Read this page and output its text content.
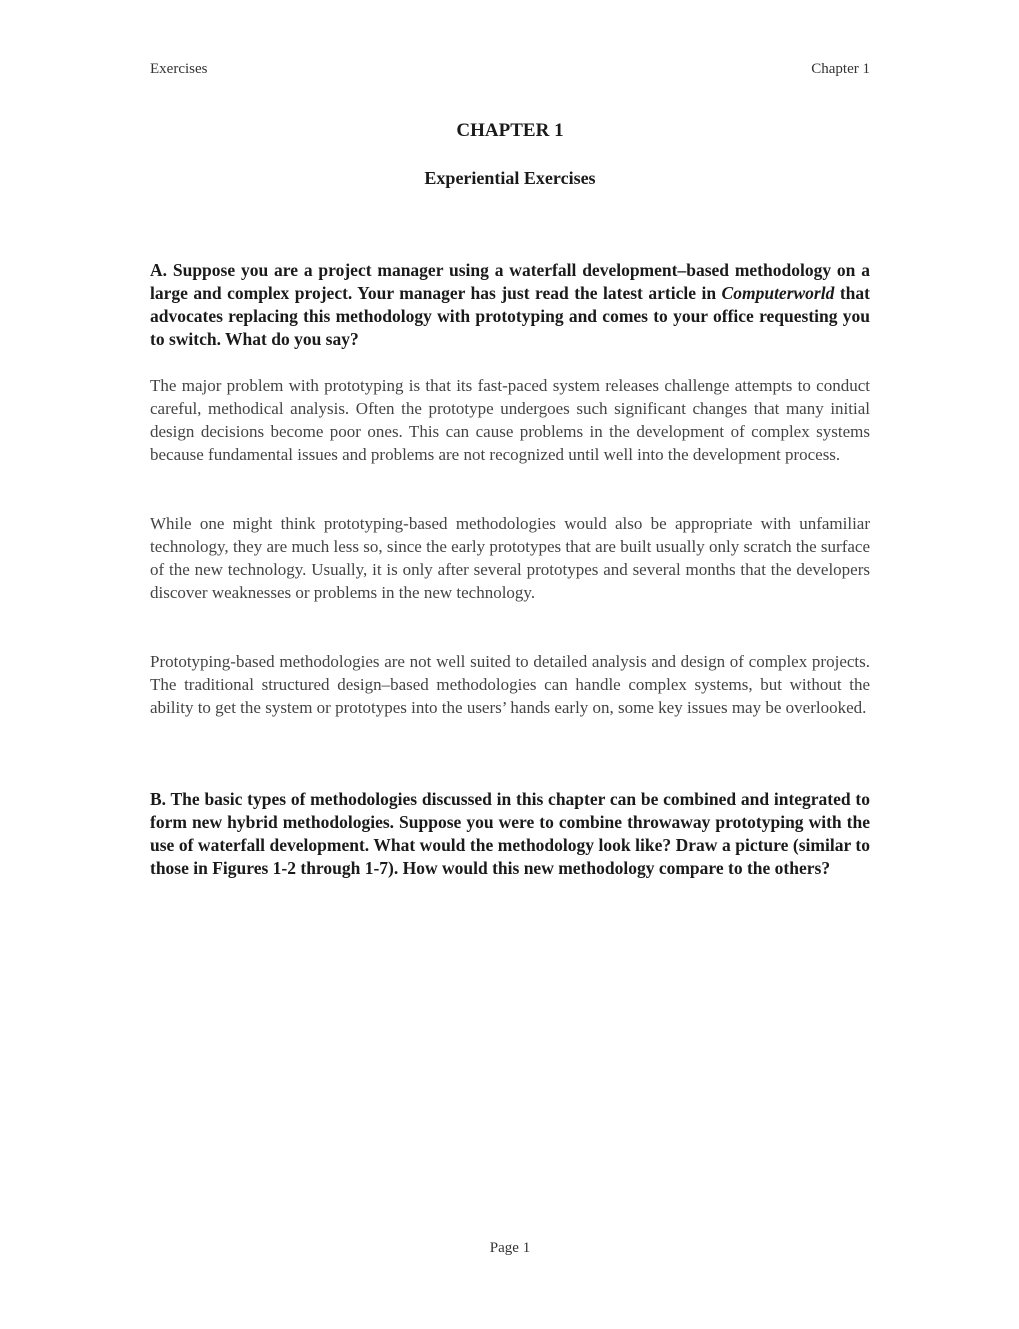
Exercises	Chapter 1
CHAPTER 1
Experiential Exercises

A. Suppose you are a project manager using a waterfall development–based methodology on a large and complex project. Your manager has just read the latest article in Computerworld that advocates replacing this methodology with prototyping and comes to your office requesting you to switch. What do you say?

The major problem with prototyping is that its fast-paced system releases challenge attempts to conduct careful, methodical analysis. Often the prototype undergoes such significant changes that many initial design decisions become poor ones. This can cause problems in the development of complex systems because fundamental issues and problems are not recognized until well into the development process.

While one might think prototyping-based methodologies would also be appropriate with unfamiliar technology, they are much less so, since the early prototypes that are built usually only scratch the surface of the new technology. Usually, it is only after several prototypes and several months that the developers discover weaknesses or problems in the new technology.

Prototyping-based methodologies are not well suited to detailed analysis and design of complex projects. The traditional structured design–based methodologies can handle complex systems, but without the ability to get the system or prototypes into the users’ hands early on, some key issues may be overlooked.

B. The basic types of methodologies discussed in this chapter can be combined and integrated to form new hybrid methodologies. Suppose you were to combine throwaway prototyping with the use of waterfall development. What would the methodology look like? Draw a picture (similar to those in Figures 1-2 through 1-7). How would this new methodology compare to the others?

Page 1
